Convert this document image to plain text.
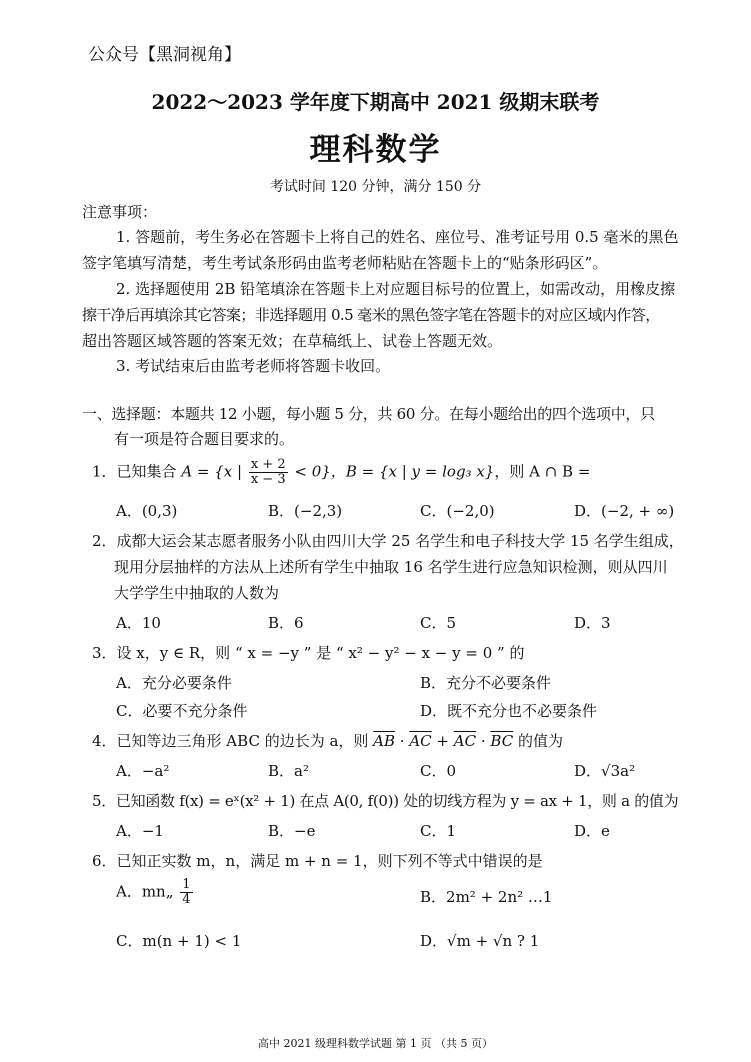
公众号【黑洞视角】
2022～2023 学年度下期高中 2021 级期末联考
理科数学
考试时间 120 分钟，满分 150 分
注意事项：
1. 答题前，考生务必在答题卡上将自己的姓名、座位号、准考证号用 0.5 毫米的黑色
签字笔填写清楚，考生考试条形码由监考老师粘贴在答题卡上的“贴条形码区”。
2. 选择题使用 2B 铅笔填涂在答题卡上对应题目标号的位置上，如需改动，用橡皮擦
擦干净后再填涂其它答案；非选择题用 0.5 毫米的黑色签字笔在答题卡的对应区域内作答，
超出答题区域答题的答案无效；在草稿纸上、试卷上答题无效。
3. 考试结束后由监考老师将答题卡收回。
一、选择题：本题共 12 小题，每小题 5 分，共 60 分。在每小题给出的四个选项中，只
有一项是符合题目要求的。
1．已知集合 A = {x | $\frac{x + 2}{x - 3} < 0$}，B = {x | y = log₃ x}，则 A ∩ B =
A．(0,3)	B．(−2,3)	C．(−2,0)	D．(−2, + ∞)
2．成都大运会某志愿者服务小队由四川大学 25 名学生和电子科技大学 15 名学生组成，
现用分层抽样的方法从上述所有学生中抽取 16 名学生进行应急知识检测，则从四川
大学学生中抽取的人数为
A．10	B．6	C．5	D．3
3．设 x，y ∈ R，则 “ x = −y ” 是 “ x² − y² − x − y = 0 ” 的
A．充分必要条件	B．充分不必要条件
C．必要不充分条件	D．既不充分也不必要条件
4．已知等边三角形 ABC 的边长为 a，则 $\overline{AB} \cdot \overline{AC} + \overline{AC} \cdot \overline{BC}$ 的值为
A．−a²	B．a²	C．0	D．√3a²
5．已知函数 f(x) = eˣ(x² + 1) 在点 A(0, f(0)) 处的切线方程为 y = ax + 1，则 a 的值为
A．−1	B．−e	C．1	D．e
6．已知正实数 m，n，满足 m + n = 1，则下列不等式中错误的是
A．mn„ $\frac{1}{4}$	B．2m² + 2n² …1
C．m(n + 1) < 1	D．√m + √n ? 1
高中 2021 级理科数学试题 第 1 页 （共 5 页）
